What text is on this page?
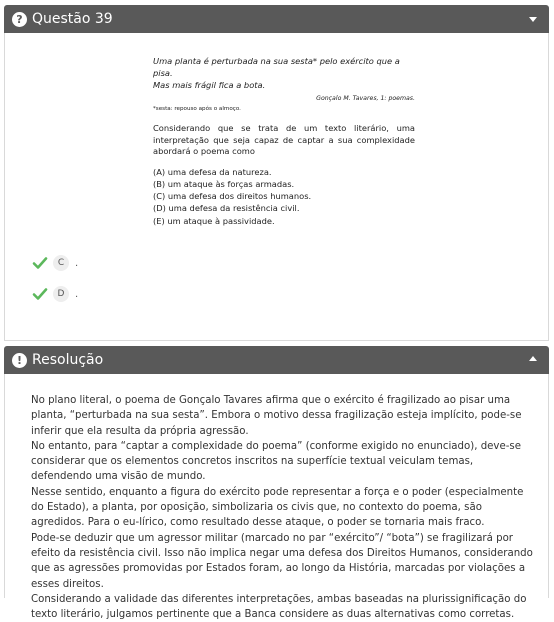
? Questão 39
Uma planta é perturbada na sua sesta* pelo exército que a pisa.
Mas mais frágil fica a bota.
Gonçalo M. Tavares, 1: poemas.
*sesta: repouso após o almoço.
Considerando que se trata de um texto literário, uma interpretação que seja capaz de captar a sua complexidade abordará o poema como
(A) uma defesa da natureza.
(B) um ataque às forças armadas.
(C) uma defesa dos direitos humanos.
(D) uma defesa da resistência civil.
(E) um ataque à passividade.
C	.
D	.
! Resolução

No plano literal, o poema de Gonçalo Tavares afirma que o exército é fragilizado ao pisar uma planta, “perturbada na sua sesta”. Embora o motivo dessa fragilização esteja implícito, pode-se inferir que ela resulta da própria agressão.

No entanto, para “captar a complexidade do poema” (conforme exigido no enunciado), deve-se considerar que os elementos concretos inscritos na superfície textual veiculam temas, defendendo uma visão de mundo.

Nesse sentido, enquanto a figura do exército pode representar a força e o poder (especialmente do Estado), a planta, por oposição, simbolizaria os civis que, no contexto do poema, são agredidos. Para o eu-lírico, como resultado desse ataque, o poder se tornaria mais fraco.

Pode-se deduzir que um agressor militar (marcado no par “exército”/ “bota”) se fragilizará por efeito da resistência civil. Isso não implica negar uma defesa dos Direitos Humanos, considerando que as agressões promovidas por Estados foram, ao longo da História, marcadas por violações a esses direitos.

Considerando a validade das diferentes interpretações, ambas baseadas na plurissignificação do texto literário, julgamos pertinente que a Banca considere as duas alternativas como corretas.
